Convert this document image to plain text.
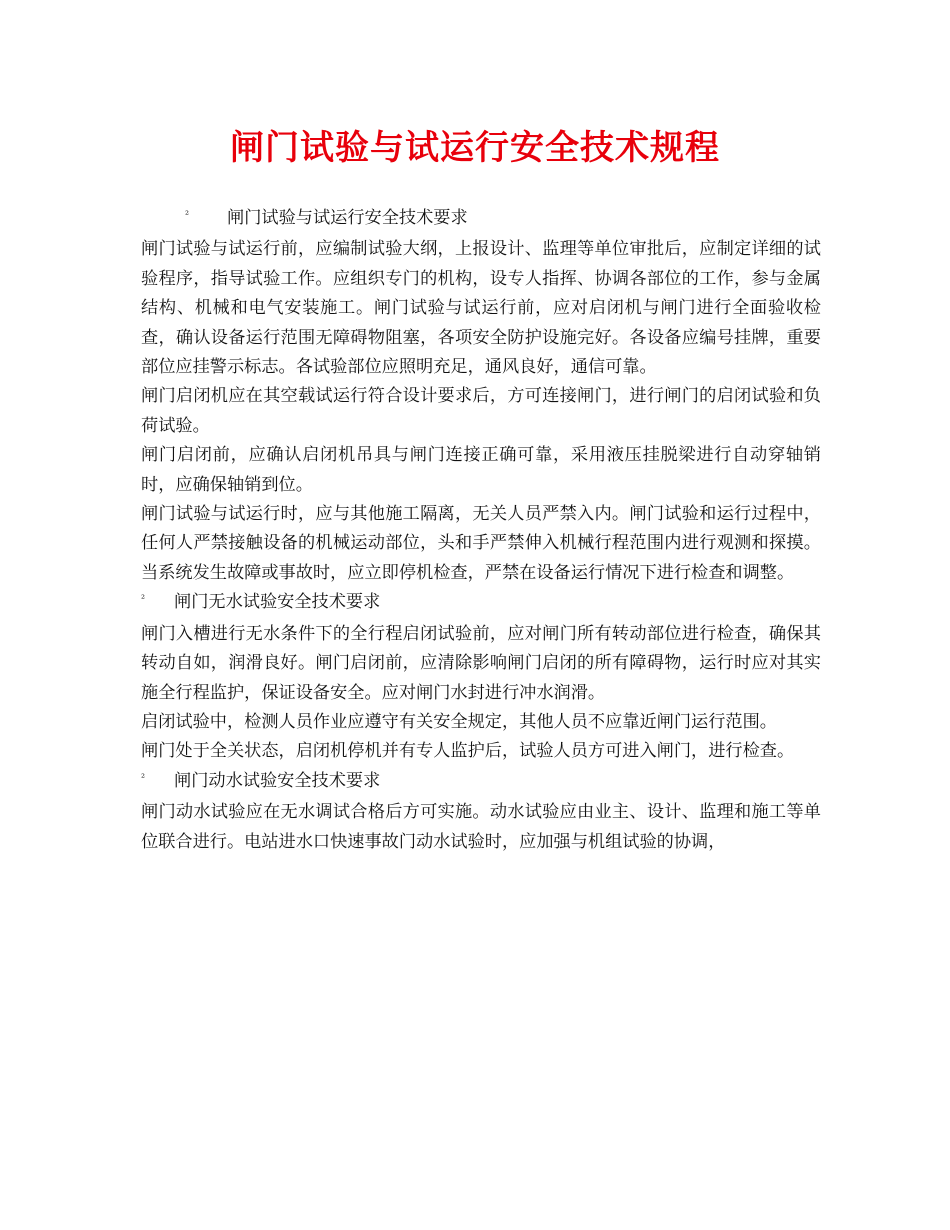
闸门试验与试运行安全技术规程
²	闸门试验与试运行安全技术要求

闸门试验与试运行前，应编制试验大纲，上报设计、监理等单位审批后，应制定详细的试验程序，指导试验工作。应组织专门的机构，设专人指挥、协调各部位的工作，参与金属结构、机械和电气安装施工。闸门试验与试运行前，应对启闭机与闸门进行全面验收检查，确认设备运行范围无障碍物阻塞，各项安全防护设施完好。各设备应编号挂牌，重要部位应挂警示标志。各试验部位应照明充足，通风良好，通信可靠。

闸门启闭机应在其空载试运行符合设计要求后，方可连接闸门，进行闸门的启闭试验和负荷试验。

闸门启闭前，应确认启闭机吊具与闸门连接正确可靠，采用液压挂脱梁进行自动穿轴销时，应确保轴销到位。

闸门试验与试运行时，应与其他施工隔离，无关人员严禁入内。闸门试验和运行过程中，任何人严禁接触设备的机械运动部位，头和手严禁伸入机械行程范围内进行观测和探摸。当系统发生故障或事故时，应立即停机检查，严禁在设备运行情况下进行检查和调整。

²	闸门无水试验安全技术要求

闸门入槽进行无水条件下的全行程启闭试验前，应对闸门所有转动部位进行检查，确保其转动自如，润滑良好。闸门启闭前，应清除影响闸门启闭的所有障碍物，运行时应对其实施全行程监护，保证设备安全。应对闸门水封进行冲水润滑。

启闭试验中，检测人员作业应遵守有关安全规定，其他人员不应靠近闸门运行范围。

闸门处于全关状态，启闭机停机并有专人监护后，试验人员方可进入闸门，进行检查。

²	闸门动水试验安全技术要求

闸门动水试验应在无水调试合格后方可实施。动水试验应由业主、设计、监理和施工等单位联合进行。电站进水口快速事故门动水试验时，应加强与机组试验的协调，
